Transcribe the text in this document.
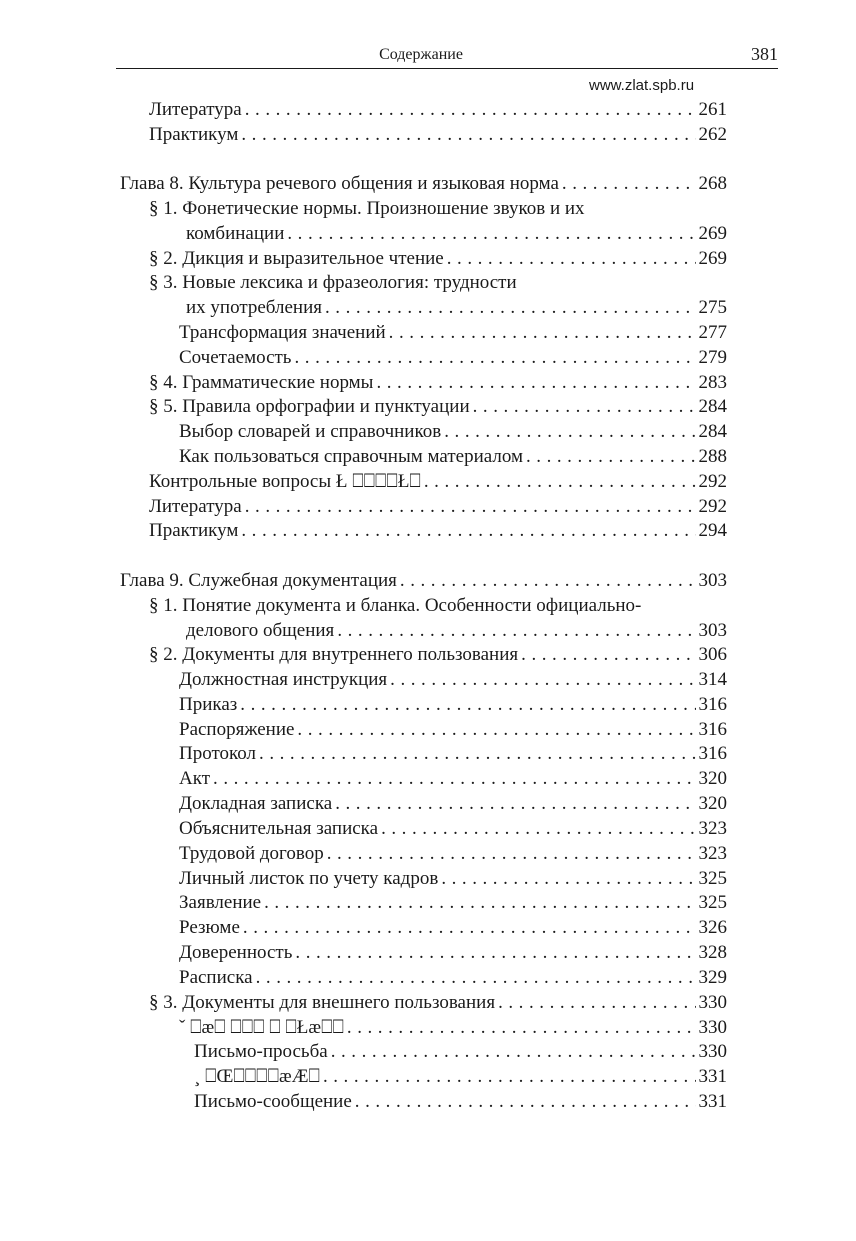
Содержание	381
www.zlat.spb.ru
Литература . . .	261
Практикум . . .	262
Глава 8. Культура речевого общения и языковая норма . . .	268
§ 1. Фонетические нормы. Произношение звуков и их
комбинации . . .	269
§ 2. Дикция и выразительное чтение . . .	269
§ 3. Новые лексика и фразеология: трудности
их употребления . . .	275
Трансформация значений . . .	277
Сочетаемость . . .	279
§ 4. Грамматические нормы . . .	283
§ 5. Правила орфографии и пунктуации . . .	284
Выбор словарей и справочников . . .	284
Как пользоваться справочным материалом . . .	288
Контрольные вопросы Ł ⎕⎕⎕⎕Ł⎕ . . .	292
Литература . . .	292
Практикум . . .	294
Глава 9. Служебная документация . . .	303
§ 1. Понятие документа и бланка. Особенности официально-
делового общения . . .	303
§ 2. Документы для внутреннего пользования . . .	306
Должностная инструкция . . .	314
Приказ . . .	316
Распоряжение . . .	316
Протокол . . .	316
Акт . . .	320
Докладная записка . . .	320
Объяснительная записка . . .	323
Трудовой договор . . .	323
Личный листок по учету кадров . . .	325
Заявление . . .	325
Резюме . . .	326
Доверенность . . .	328
Расписка . . .	329
§ 3. Документы для внешнего пользования . . .	330
ˇ ⎕ӕ⎕ ⎕⎕⎕ ⎕ ⎕Łӕ⎕⎕ . . .	330
Письмо-просьба . . .	330
¸ ⎕Œ⎕⎕⎕⎕ӕÆ⎕ . . .	331
Письмо-сообщение . . .	331
